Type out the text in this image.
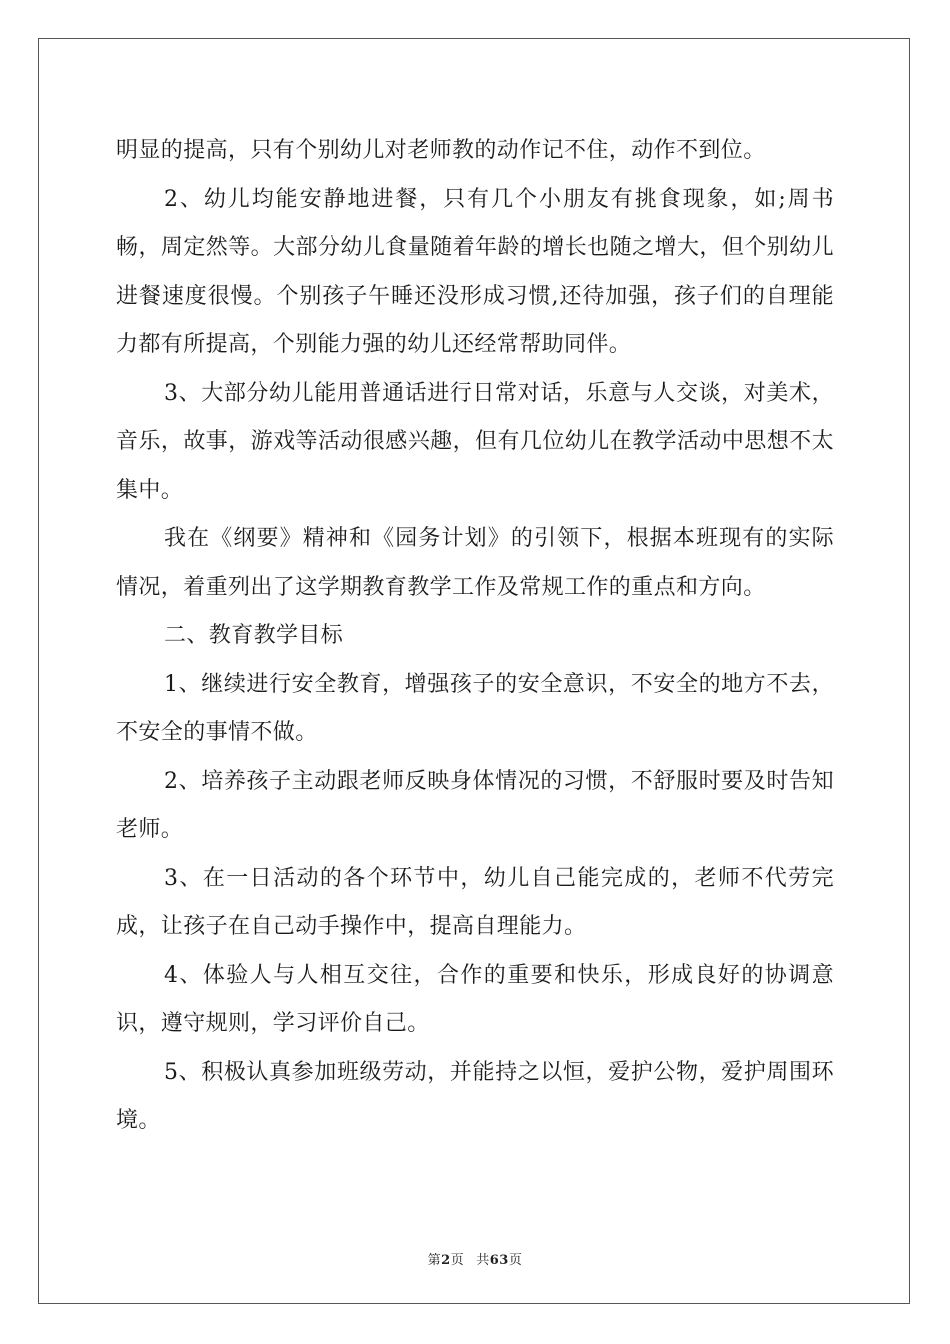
明显的提高，只有个别幼儿对老师教的动作记不住，动作不到位。

2、幼儿均能安静地进餐，只有几个小朋友有挑食现象，如;周书畅，周定然等。大部分幼儿食量随着年龄的增长也随之增大，但个别幼儿进餐速度很慢。个别孩子午睡还没形成习惯,还待加强，孩子们的自理能力都有所提高，个别能力强的幼儿还经常帮助同伴。

3、大部分幼儿能用普通话进行日常对话，乐意与人交谈，对美术，音乐，故事，游戏等活动很感兴趣，但有几位幼儿在教学活动中思想不太集中。

我在《纲要》精神和《园务计划》的引领下，根据本班现有的实际情况，着重列出了这学期教育教学工作及常规工作的重点和方向。

二、教育教学目标

1、继续进行安全教育，增强孩子的安全意识，不安全的地方不去，不安全的事情不做。

2、培养孩子主动跟老师反映身体情况的习惯，不舒服时要及时告知老师。

3、在一日活动的各个环节中，幼儿自己能完成的，老师不代劳完成，让孩子在自己动手操作中，提高自理能力。

4、体验人与人相互交往，合作的重要和快乐，形成良好的协调意识，遵守规则，学习评价自己。

5、积极认真参加班级劳动，并能持之以恒，爱护公物，爱护周围环境。

第2页 共63页
